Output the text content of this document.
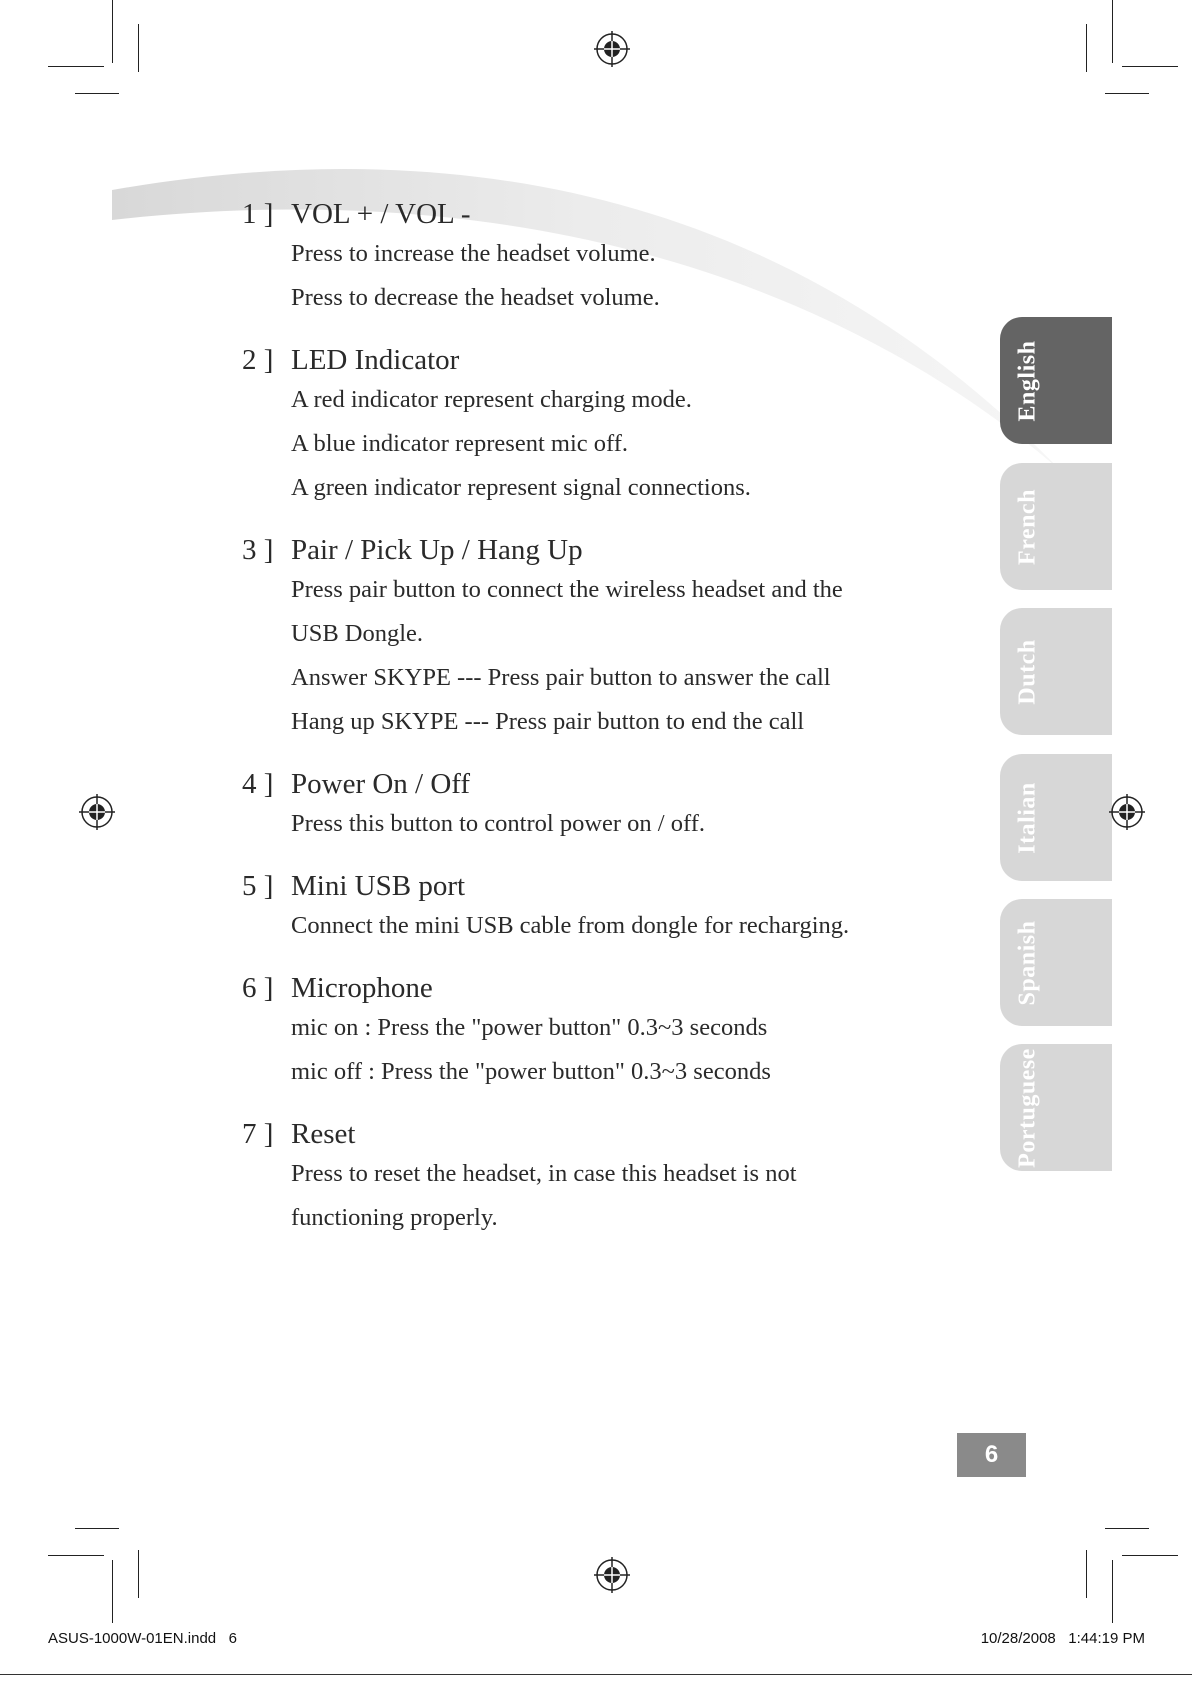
1 ] VOL + / VOL -
Press to increase the headset volume.
Press to decrease the headset volume.
2 ] LED Indicator
A red indicator represent charging mode.
A blue indicator represent mic off.
A green indicator represent signal connections.
3 ] Pair / Pick Up / Hang Up
Press pair button to connect the wireless headset and the
USB Dongle.
Answer SKYPE --- Press pair button to answer the call
Hang up SKYPE --- Press pair button to end the call
4 ] Power On / Off
Press this button to control power on / off.
5 ] Mini USB port
Connect the mini USB cable from dongle for recharging.
6 ] Microphone
mic on : Press the "power button" 0.3~3 seconds
mic off : Press the "power button" 0.3~3 seconds
7 ] Reset
Press to reset the headset, in case this headset is not
functioning properly.
English
French
Dutch
Italian
Spanish
Portuguese
6
ASUS-1000W-01EN.indd   6	10/28/2008   1:44:19 PM
